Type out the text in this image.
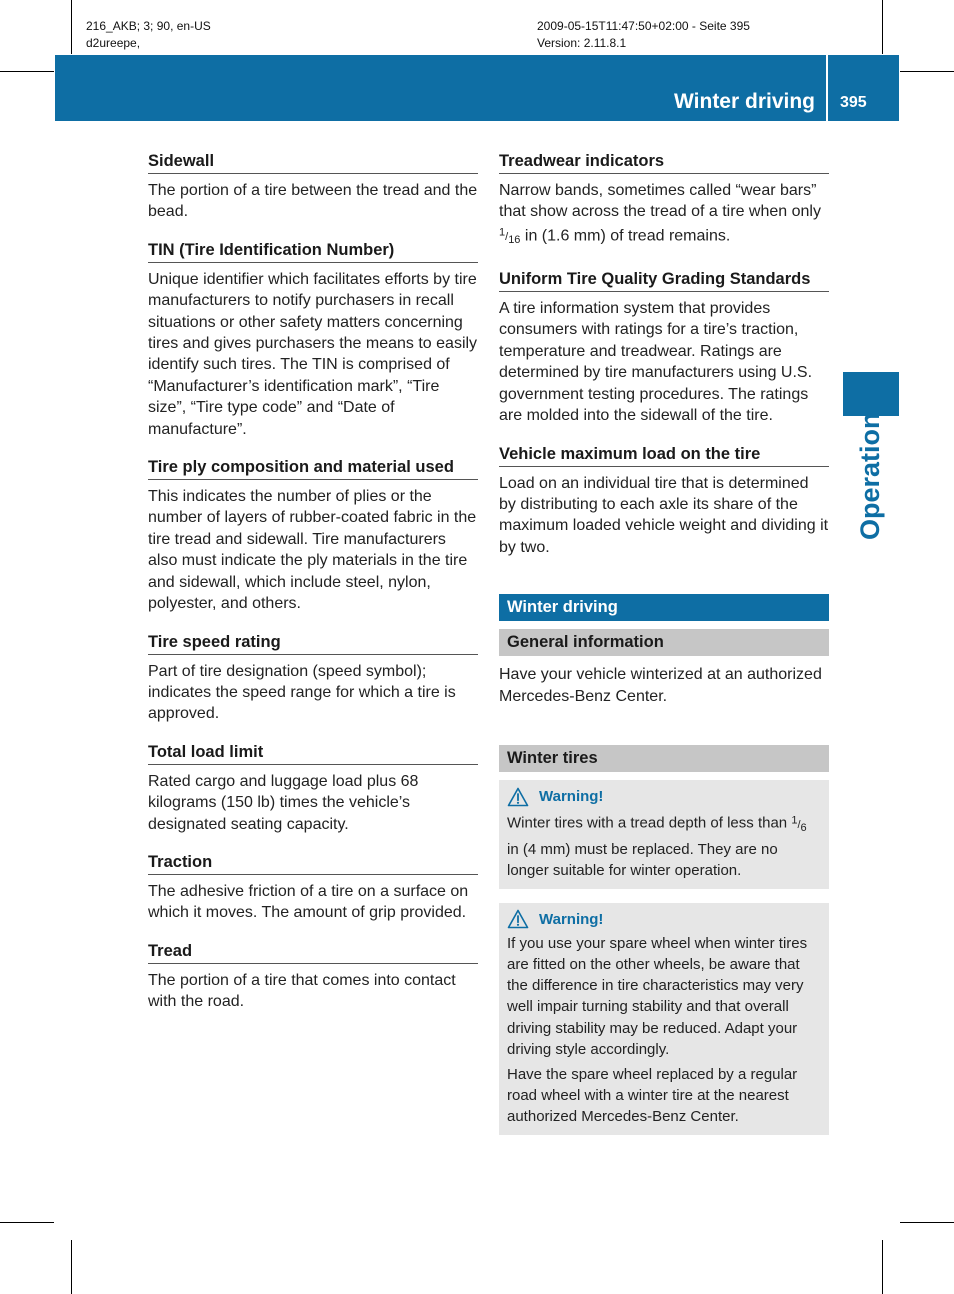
216_AKB; 3; 90, en-US
d2ureepe,
2009-05-15T11:47:50+02:00 - Seite 395
Version: 2.11.8.1
Winter driving 395
Operation
Sidewall
The portion of a tire between the tread and the bead.
TIN (Tire Identification Number)
Unique identifier which facilitates efforts by tire manufacturers to notify purchasers in recall situations or other safety matters concerning tires and gives purchasers the means to easily identify such tires. The TIN is comprised of “Manufacturer’s identification mark”, “Tire size”, “Tire type code” and “Date of manufacture”.
Tire ply composition and material used
This indicates the number of plies or the number of layers of rubber-coated fabric in the tire tread and sidewall. Tire manufacturers also must indicate the ply materials in the tire and sidewall, which include steel, nylon, polyester, and others.
Tire speed rating
Part of tire designation (speed symbol); indicates the speed range for which a tire is approved.
Total load limit
Rated cargo and luggage load plus 68 kilograms (150 lb) times the vehicle’s designated seating capacity.
Traction
The adhesive friction of a tire on a surface on which it moves. The amount of grip provided.
Tread
The portion of a tire that comes into contact with the road.
Treadwear indicators
Narrow bands, sometimes called “wear bars” that show across the tread of a tire when only $^1/_{16}$ in (1.6 mm) of tread remains.
Uniform Tire Quality Grading Standards
A tire information system that provides consumers with ratings for a tire’s traction, temperature and treadwear. Ratings are determined by tire manufacturers using U.S. government testing procedures. The ratings are molded into the sidewall of the tire.
Vehicle maximum load on the tire
Load on an individual tire that is determined by distributing to each axle its share of the maximum loaded vehicle weight and dividing it by two.
Winter driving
General information

Have your vehicle winterized at an authorized Mercedes-Benz Center.

Winter tires
Warning!

Winter tires with a tread depth of less than $^1/_6$ in (4 mm) must be replaced. They are no longer suitable for winter operation.

Warning!

If you use your spare wheel when winter tires are fitted on the other wheels, be aware that the difference in tire characteristics may very well impair turning stability and that overall driving stability may be reduced. Adapt your driving style accordingly.

Have the spare wheel replaced by a regular road wheel with a winter tire at the nearest authorized Mercedes-Benz Center.
